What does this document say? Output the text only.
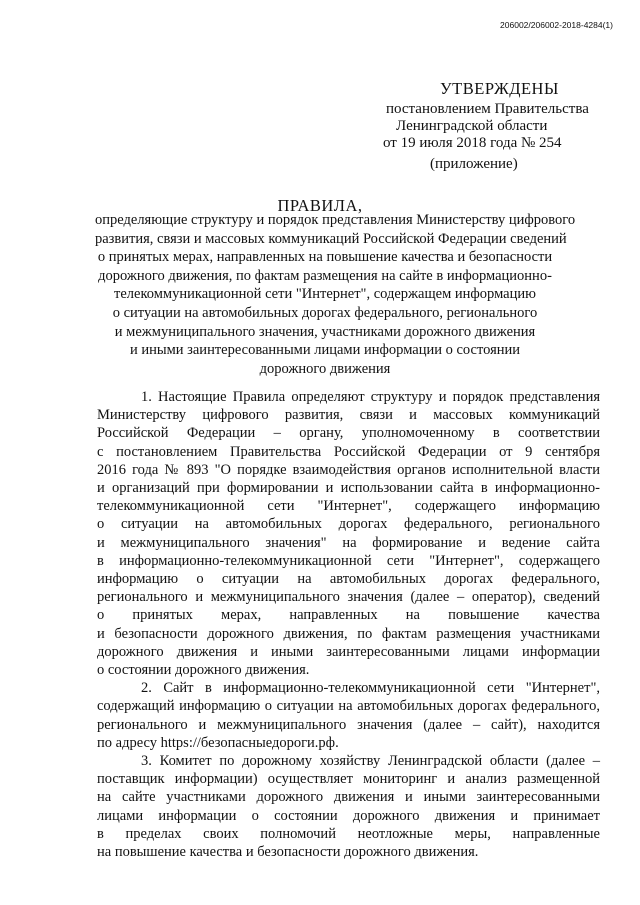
206002/206002-2018-4284(1)
УТВЕРЖДЕНЫ
постановлением Правительства
Ленинградской области
от 19 июля 2018 года № 254
(приложение)
ПРАВИЛА,
определяющие структуру и порядок представления Министерству цифрового
развития, связи и массовых коммуникаций Российской Федерации сведений
о принятых мерах, направленных на повышение качества и безопасности
дорожного движения, по фактам размещения на сайте в информационно-
телекоммуникационной сети "Интернет", содержащем информацию
о ситуации на автомобильных дорогах федерального, регионального
и межмуниципального значения, участниками дорожного движения
и иными заинтересованными лицами информации о состоянии
дорожного движения
1. Настоящие Правила определяют структуру и порядок представления
Министерству цифрового развития, связи и массовых коммуникаций
Российской Федерации – органу, уполномоченному в соответствии
с постановлением Правительства Российской Федерации от 9 сентября
2016 года № 893 "О порядке взаимодействия органов исполнительной власти
и организаций при формировании и использовании сайта в информационно-
телекоммуникационной сети "Интернет", содержащего информацию
о ситуации на автомобильных дорогах федерального, регионального
и межмуниципального значения" на формирование и ведение сайта
в информационно-телекоммуникационной сети "Интернет", содержащего
информацию о ситуации на автомобильных дорогах федерального,
регионального и межмуниципального значения (далее – оператор), сведений
о принятых мерах, направленных на повышение качества
и безопасности дорожного движения, по фактам размещения участниками
дорожного движения и иными заинтересованными лицами информации
о состоянии дорожного движения.
2. Сайт в информационно-телекоммуникационной сети "Интернет",
содержащий информацию о ситуации на автомобильных дорогах федерального,
регионального и межмуниципального значения (далее – сайт), находится
по адресу https://безопасныедороги.рф.
3. Комитет по дорожному хозяйству Ленинградской области (далее –
поставщик информации) осуществляет мониторинг и анализ размещенной
на сайте участниками дорожного движения и иными заинтересованными
лицами информации о состоянии дорожного движения и принимает
в пределах своих полномочий неотложные меры, направленные
на повышение качества и безопасности дорожного движения.
